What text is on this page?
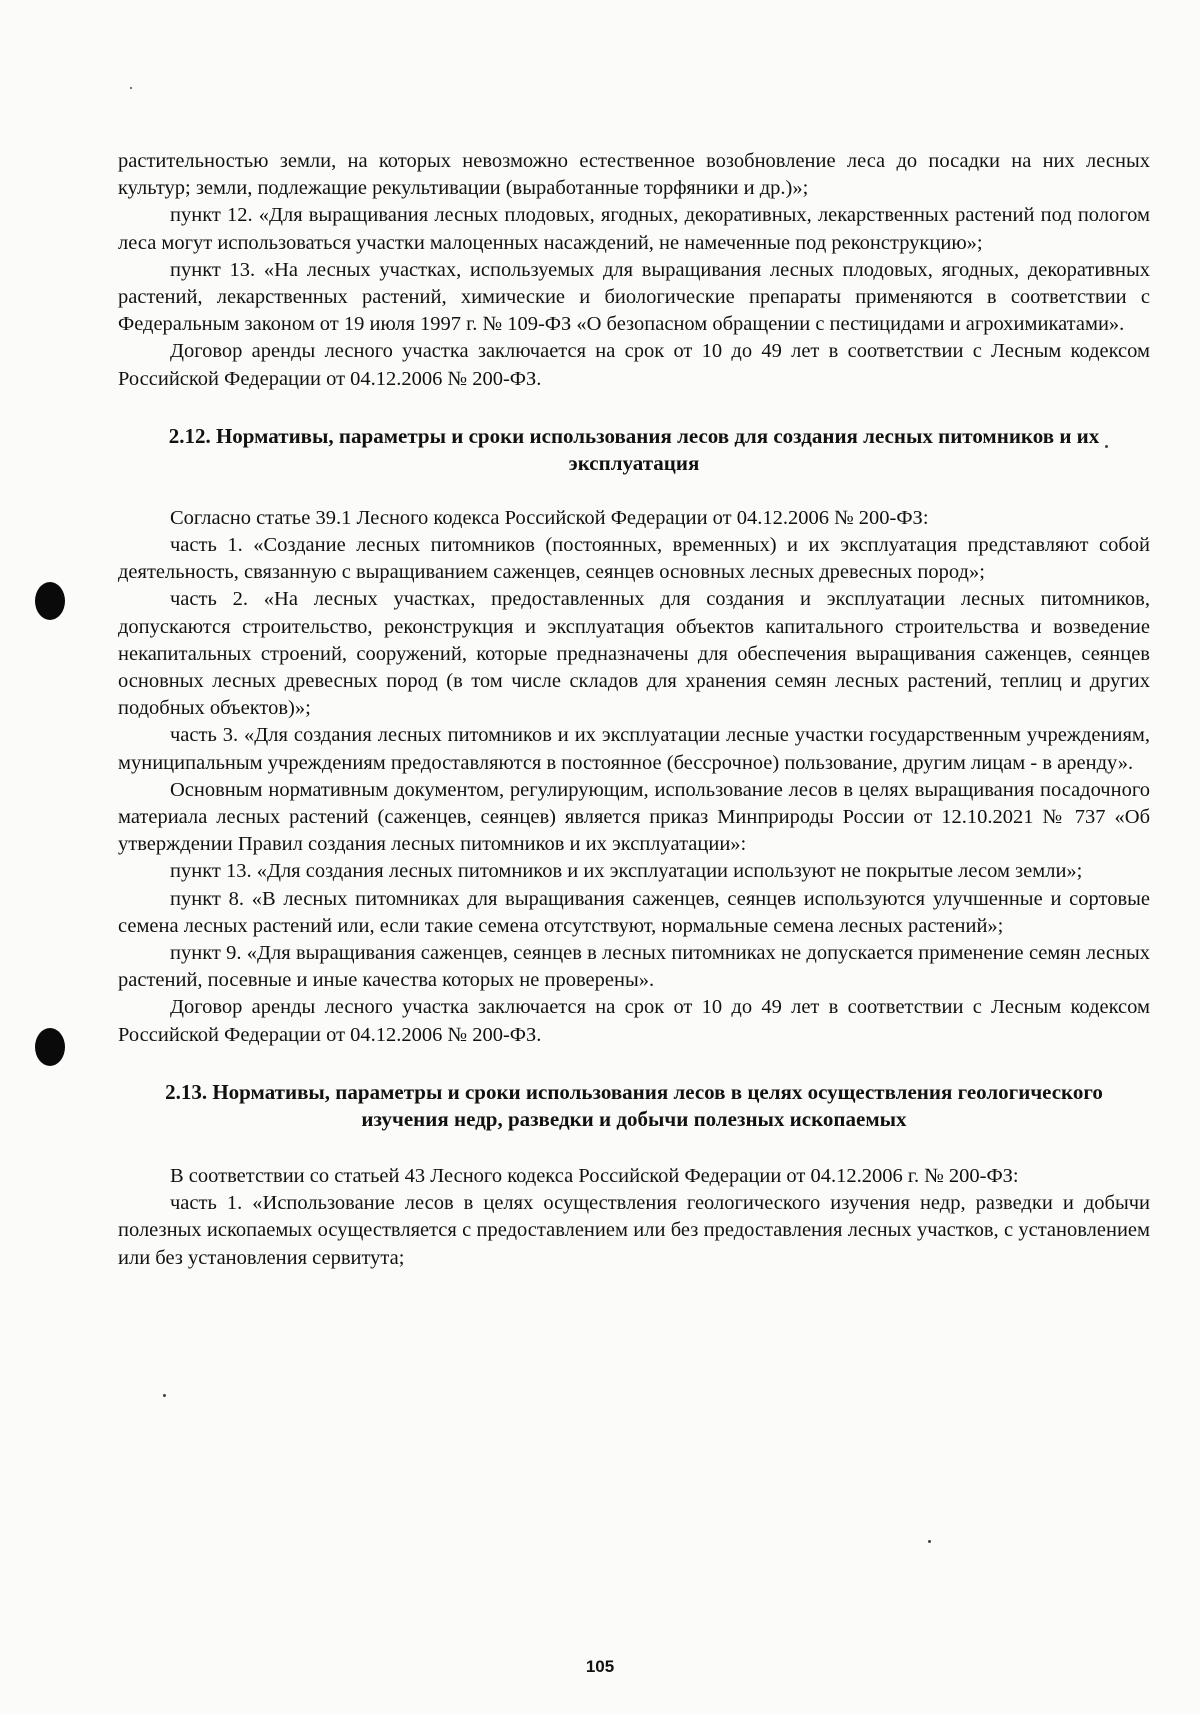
растительностью земли, на которых невозможно естественное возобновление леса до посадки на них лесных культур; земли, подлежащие рекультивации (выработанные торфяники и др.)»;

пункт 12. «Для выращивания лесных плодовых, ягодных, декоративных, лекарственных растений под пологом леса могут использоваться участки малоценных насаждений, не намеченные под реконструкцию»;

пункт 13. «На лесных участках, используемых для выращивания лесных плодовых, ягодных, декоративных растений, лекарственных растений, химические и биологические препараты применяются в соответствии с Федеральным законом от 19 июля 1997 г. № 109-ФЗ «О безопасном обращении с пестицидами и агрохимикатами».

Договор аренды лесного участка заключается на срок от 10 до 49 лет в соответствии с Лесным кодексом Российской Федерации от 04.12.2006 № 200-ФЗ.

2.12. Нормативы, параметры и сроки использования лесов для создания лесных питомников и их эксплуатация

Согласно статье 39.1 Лесного кодекса Российской Федерации от 04.12.2006 № 200-ФЗ:

часть 1. «Создание лесных питомников (постоянных, временных) и их эксплуатация представляют собой деятельность, связанную с выращиванием саженцев, сеянцев основных лесных древесных пород»;

часть 2. «На лесных участках, предоставленных для создания и эксплуатации лесных питомников, допускаются строительство, реконструкция и эксплуатация объектов капитального строительства и возведение некапитальных строений, сооружений, которые предназначены для обеспечения выращивания саженцев, сеянцев основных лесных древесных пород (в том числе складов для хранения семян лесных растений, теплиц и других подобных объектов)»;

часть 3. «Для создания лесных питомников и их эксплуатации лесные участки государственным учреждениям, муниципальным учреждениям предоставляются в постоянное (бессрочное) пользование, другим лицам - в аренду».

Основным нормативным документом, регулирующим, использование лесов в целях выращивания посадочного материала лесных растений (саженцев, сеянцев) является приказ Минприроды России от 12.10.2021 № 737 «Об утверждении Правил создания лесных питомников и их эксплуатации»:

пункт 13. «Для создания лесных питомников и их эксплуатации используют не покрытые лесом земли»;

пункт 8. «В лесных питомниках для выращивания саженцев, сеянцев используются улучшенные и сортовые семена лесных растений или, если такие семена отсутствуют, нормальные семена лесных растений»;

пункт 9. «Для выращивания саженцев, сеянцев в лесных питомниках не допускается применение семян лесных растений, посевные и иные качества которых не проверены».

Договор аренды лесного участка заключается на срок от 10 до 49 лет в соответствии с Лесным кодексом Российской Федерации от 04.12.2006 № 200-ФЗ.

2.13. Нормативы, параметры и сроки использования лесов в целях осуществления геологического изучения недр, разведки и добычи полезных ископаемых

В соответствии со статьей 43 Лесного кодекса Российской Федерации от 04.12.2006 г. № 200-ФЗ:

часть 1. «Использование лесов в целях осуществления геологического изучения недр, разведки и добычи полезных ископаемых осуществляется с предоставлением или без предоставления лесных участков, с установлением или без установления сервитута;

105
